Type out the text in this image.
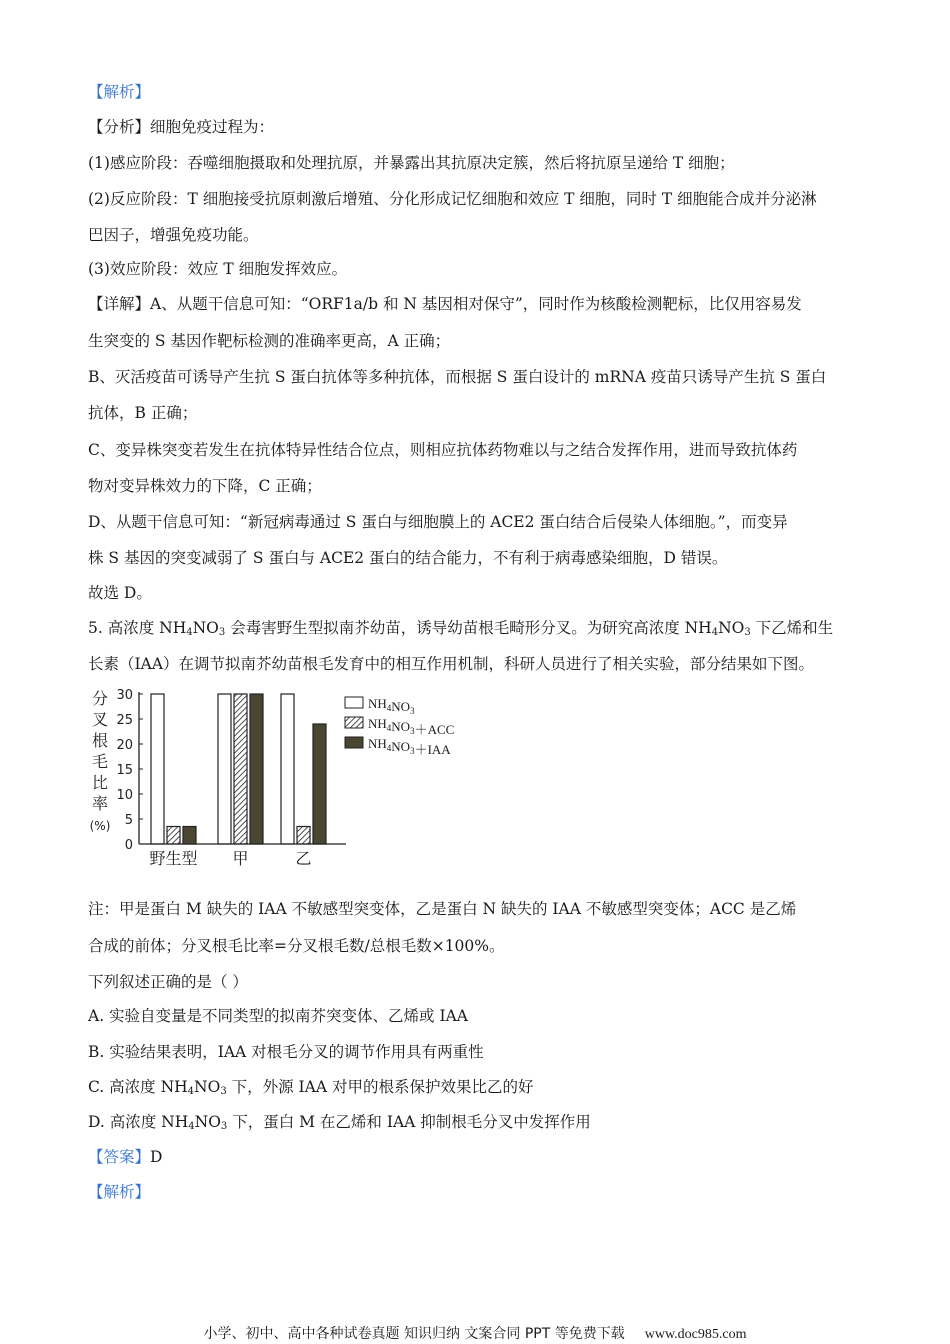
【解析】
【分析】细胞免疫过程为：
(1)感应阶段：吞噬细胞摄取和处理抗原，并暴露出其抗原决定簇，然后将抗原呈递给 T 细胞；
(2)反应阶段：T 细胞接受抗原刺激后增殖、分化形成记忆细胞和效应 T 细胞，同时 T 细胞能合成并分泌淋
巴因子，增强免疫功能。
(3)效应阶段：效应 T 细胞发挥效应。
【详解】A、从题干信息可知：“ORF1a/b 和 N 基因相对保守”，同时作为核酸检测靶标，比仅用容易发
生突变的 S 基因作靶标检测的准确率更高，A 正确；
B、灭活疫苗可诱导产生抗 S 蛋白抗体等多种抗体，而根据 S 蛋白设计的 mRNA 疫苗只诱导产生抗 S 蛋白
抗体，B 正确；
C、变异株突变若发生在抗体特异性结合位点，则相应抗体药物难以与之结合发挥作用，进而导致抗体药
物对变异株效力的下降，C 正确；
D、从题干信息可知：“新冠病毒通过 S 蛋白与细胞膜上的 ACE2 蛋白结合后侵染人体细胞。”，而变异
株 S 基因的突变减弱了 S 蛋白与 ACE2 蛋白的结合能力，不有利于病毒感染细胞，D 错误。
故选 D。
5. 高浓度 $NH_4NO_3$ 会毒害野生型拟南芥幼苗，诱导幼苗根毛畸形分叉。为研究高浓度 $NH_4NO_3$ 下乙烯和生
长素（IAA）在调节拟南芥幼苗根毛发育中的相互作用机制，科研人员进行了相关实验，部分结果如下图。
分
叉
根
毛
比
率
(%)
0
5
10
15
20
25
30
野生型 甲	乙
$NH_4NO_3$
$NH_4NO_3+ACC$
$NH_4NO_3+IAA$
注：甲是蛋白 M 缺失的 IAA 不敏感型突变体，乙是蛋白 N 缺失的 IAA 不敏感型突变体；ACC 是乙烯
合成的前体；分叉根毛比率=分叉根毛数/总根毛数×100%。
下列叙述正确的是（ ）
A. 实验自变量是不同类型的拟南芥突变体、乙烯或 IAA
B. 实验结果表明，IAA 对根毛分叉的调节作用具有两重性
C. 高浓度 $NH_4NO_3$ 下，外源 IAA 对甲的根系保护效果比乙的好
D. 高浓度 $NH_4NO_3$ 下，蛋白 M 在乙烯和 IAA 抑制根毛分叉中发挥作用
【答案】D
【解析】
小学、初中、高中各种试卷真题 知识归纳 文案合同 PPT 等免费下载 www.doc985.com
